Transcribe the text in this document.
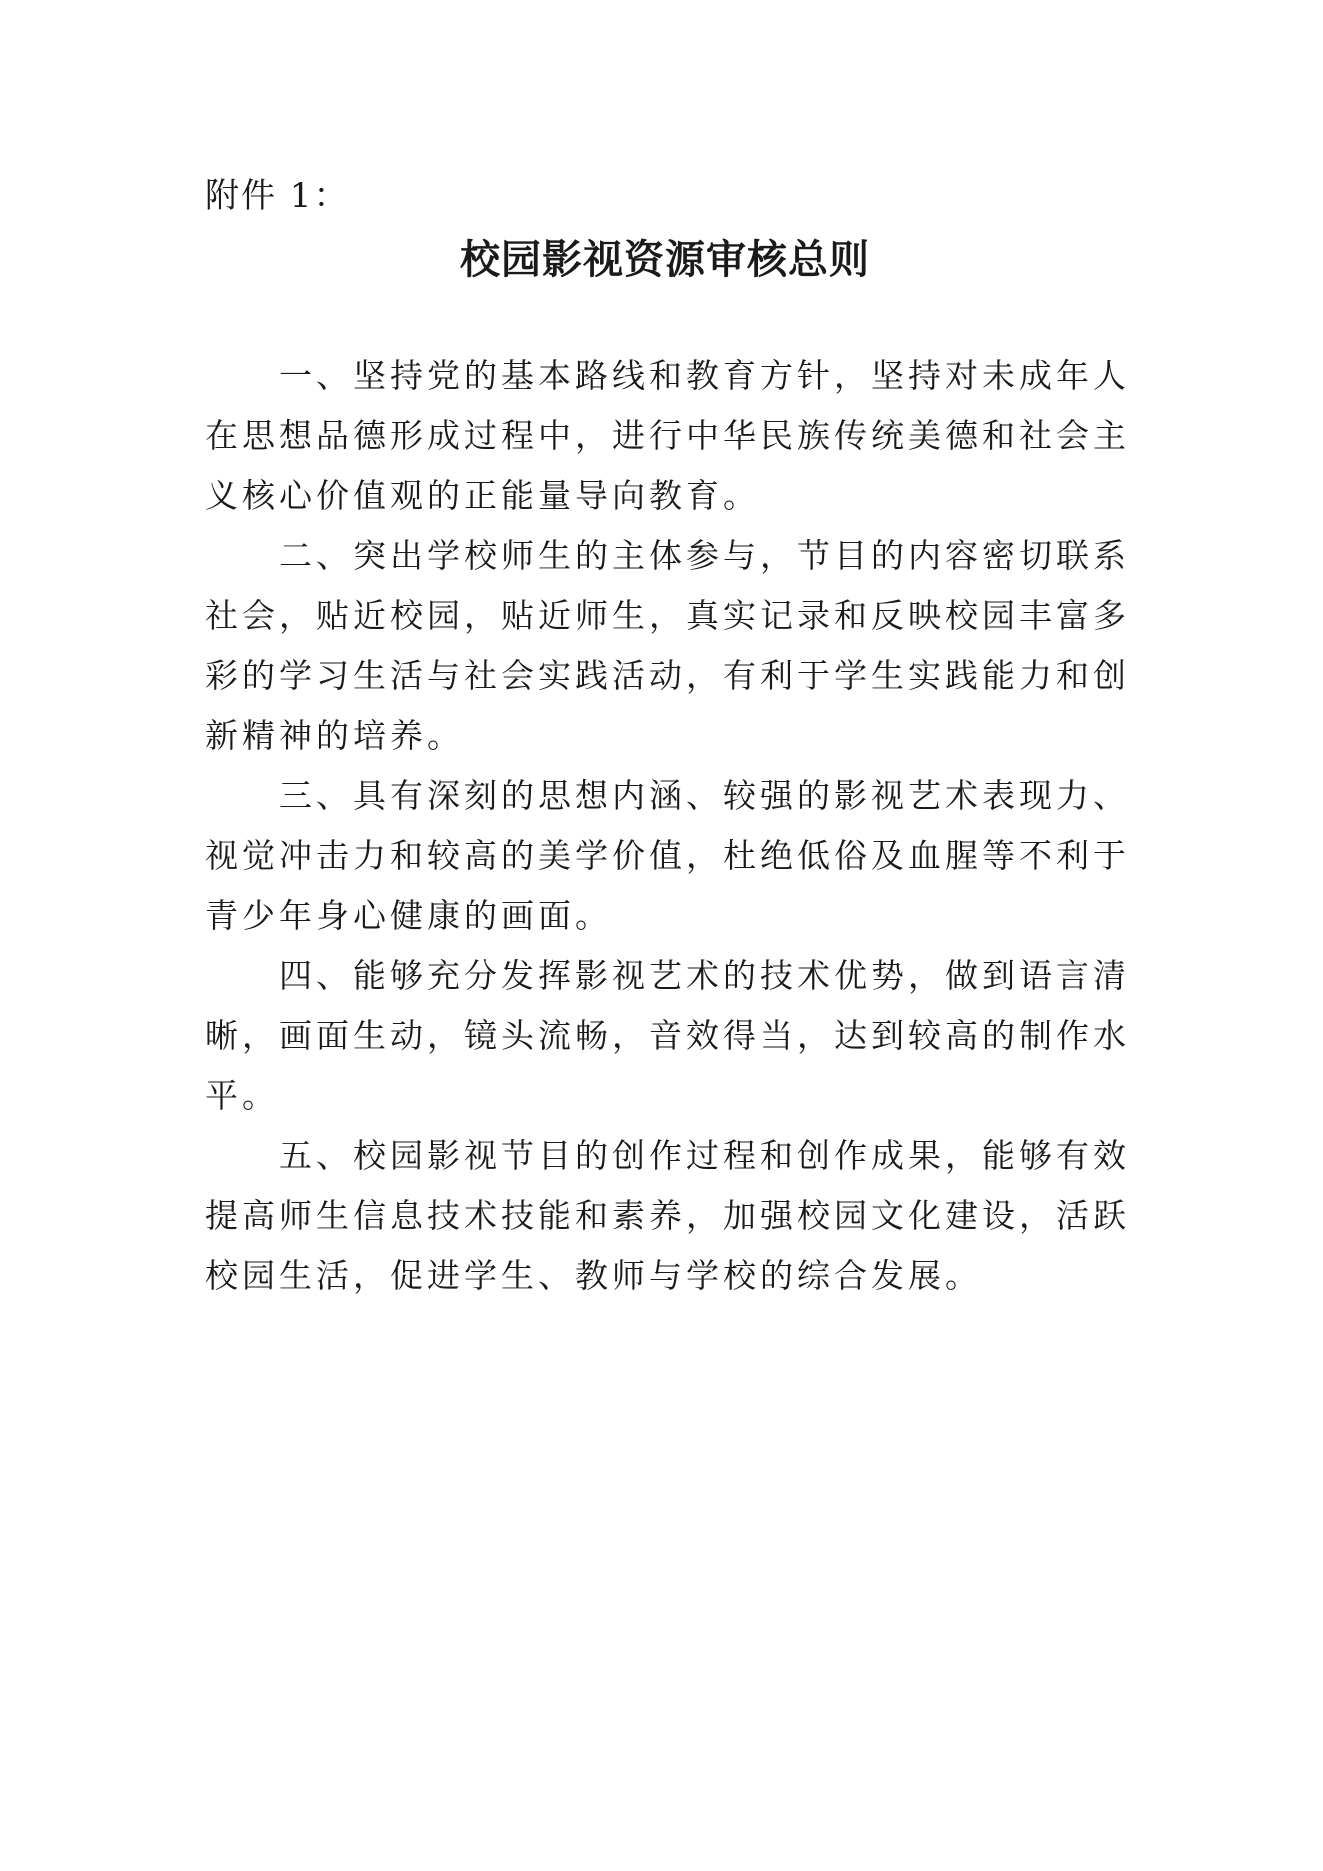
附件 1：
校园影视资源审核总则

一、坚持党的基本路线和教育方针，坚持对未成年人在思想品德形成过程中，进行中华民族传统美德和社会主义核心价值观的正能量导向教育。

二、突出学校师生的主体参与，节目的内容密切联系社会，贴近校园，贴近师生，真实记录和反映校园丰富多彩的学习生活与社会实践活动，有利于学生实践能力和创新精神的培养。

三、具有深刻的思想内涵、较强的影视艺术表现力、视觉冲击力和较高的美学价值，杜绝低俗及血腥等不利于青少年身心健康的画面。

四、能够充分发挥影视艺术的技术优势，做到语言清晰，画面生动，镜头流畅，音效得当，达到较高的制作水平。

五、校园影视节目的创作过程和创作成果，能够有效提高师生信息技术技能和素养，加强校园文化建设，活跃校园生活，促进学生、教师与学校的综合发展。
